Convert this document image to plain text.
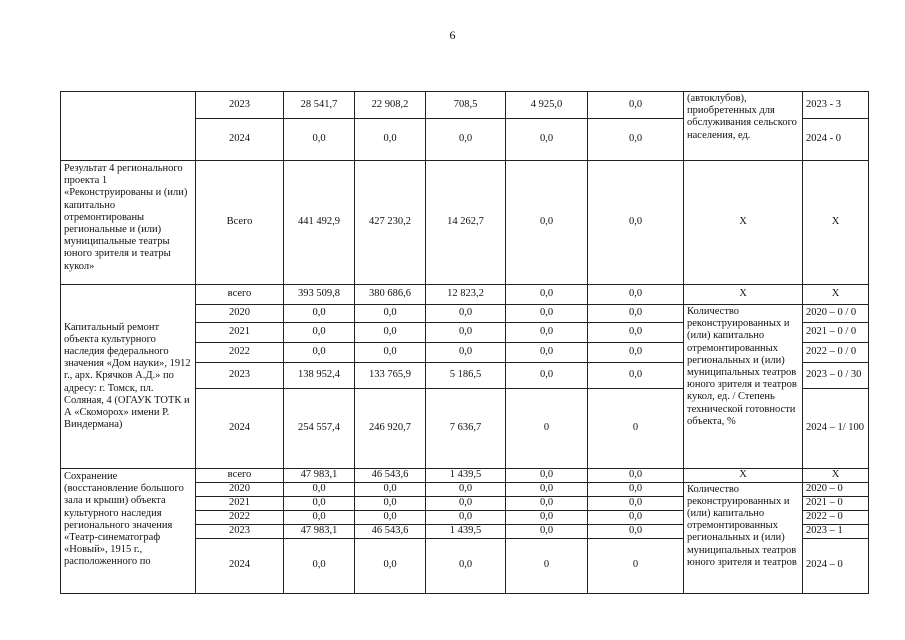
6
	2023	28 541,7	22 908,2	708,5	4 925,0	0,0	(автоклубов), приобретенных для обслуживания сельского населения, ед.	2023 - 3
	2024	0,0	0,0	0,0	0,0	0,0		2024 - 0
Результат 4 регионального проекта 1 «Реконструированы и (или) капитально отремонтированы региональные и (или) муниципальные театры юного зрителя и театры кукол»	Всего	441 492,9	427 230,2	14 262,7	0,0	0,0	X	X
Капитальный ремонт объекта культурного наследия федерального значения «Дом науки», 1912 г., арх. Крячков А.Д.» по адресу: г. Томск, пл. Соляная, 4 (ОГАУК ТОТК и А «Скоморох» имени Р. Виндермана)	всего	393 509,8	380 686,6	12 823,2	0,0	0,0	X	X
	2020	0,0	0,0	0,0	0,0	0,0	Количество реконструированных и (или) капитально отремонтированных региональных и (или) муниципальных театров юного зрителя и театров кукол, ед. / Степень технической готовности объекта, %	2020 – 0 / 0
	2021	0,0	0,0	0,0	0,0	0,0		2021 – 0 / 0
	2022	0,0	0,0	0,0	0,0	0,0		2022 – 0 / 0
	2023	138 952,4	133 765,9	5 186,5	0,0	0,0		2023 – 0 / 30
	2024	254 557,4	246 920,7	7 636,7	0	0		2024 – 1/ 100
Сохранение (восстановление большого зала и крыши) объекта культурного наследия регионального значения «Театр-синематограф «Новый», 1915 г., расположенного по	всего	47 983,1	46 543,6	1 439,5	0,0	0,0	X	X
	2020	0,0	0,0	0,0	0,0	0,0	Количество реконструированных и (или) капитально отремонтированных региональных и (или) муниципальных театров юного зрителя и театров	2020 – 0
	2021	0,0	0,0	0,0	0,0	0,0		2021 – 0
	2022	0,0	0,0	0,0	0,0	0,0		2022 – 0
	2023	47 983,1	46 543,6	1 439,5	0,0	0,0		2023 – 1
	2024	0,0	0,0	0,0	0	0		2024 – 0
